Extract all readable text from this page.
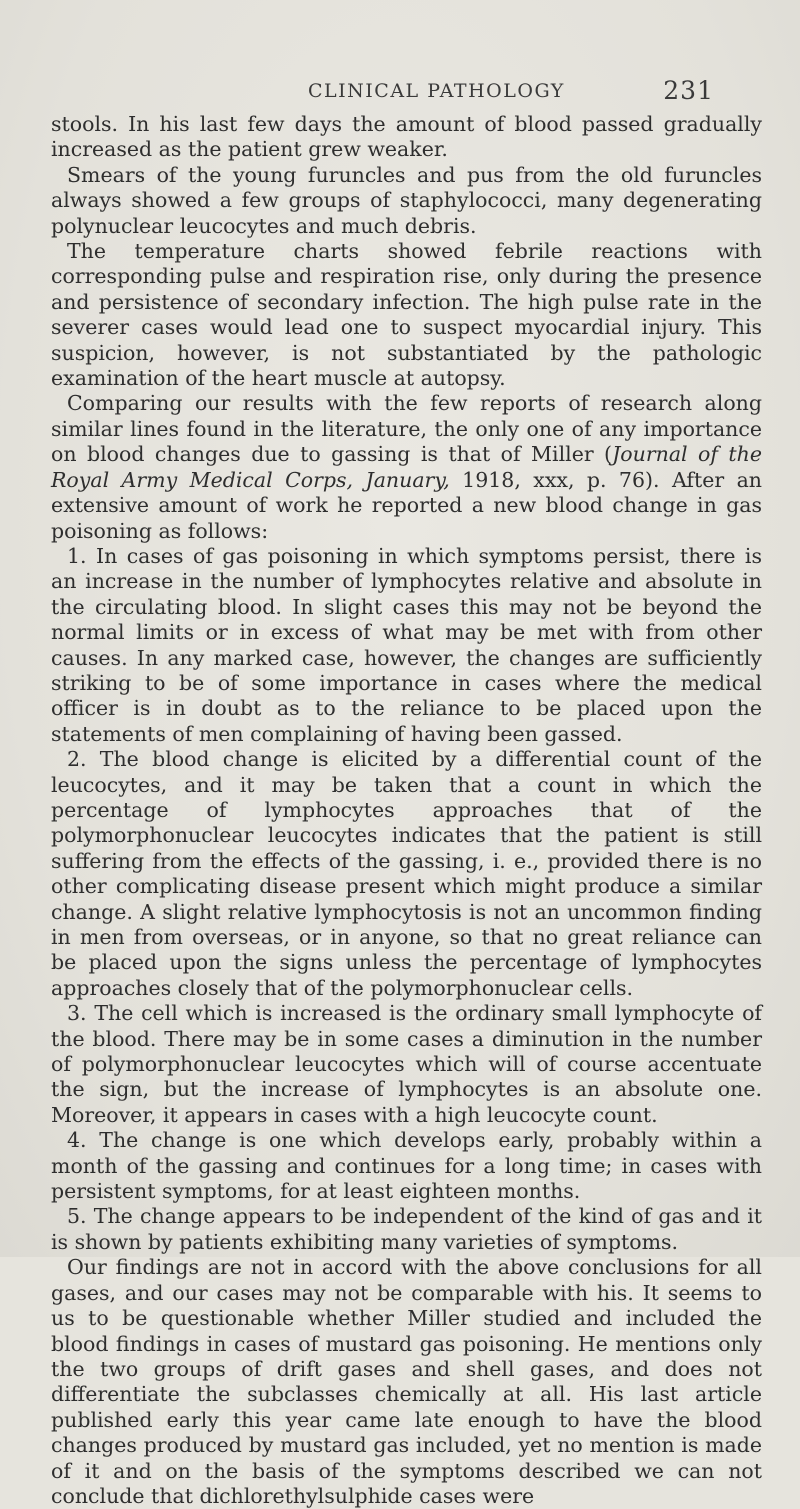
CLINICAL PATHOLOGY	231

stools. In his last few days the amount of blood passed gradually increased as the patient grew weaker.

Smears of the young furuncles and pus from the old furuncles always showed a few groups of staphylococci, many degenerating polynuclear leucocytes and much debris.

The temperature charts showed febrile reactions with corresponding pulse and respiration rise, only during the presence and persistence of secondary infection. The high pulse rate in the severer cases would lead one to suspect myocardial injury. This suspicion, however, is not substantiated by the pathologic examination of the heart muscle at autopsy.

Comparing our results with the few reports of research along similar lines found in the literature, the only one of any importance on blood changes due to gassing is that of Miller (Journal of the Royal Army Medical Corps, January, 1918, xxx, p. 76). After an extensive amount of work he reported a new blood change in gas poisoning as follows:

1. In cases of gas poisoning in which symptoms persist, there is an increase in the number of lymphocytes relative and absolute in the circulating blood. In slight cases this may not be beyond the normal limits or in excess of what may be met with from other causes. In any marked case, however, the changes are sufficiently striking to be of some importance in cases where the medical officer is in doubt as to the reliance to be placed upon the statements of men complaining of having been gassed.

2. The blood change is elicited by a differential count of the leucocytes, and it may be taken that a count in which the percentage of lymphocytes approaches that of the polymorphonuclear leucocytes indicates that the patient is still suffering from the effects of the gassing, i. e., provided there is no other complicating disease present which might produce a similar change. A slight relative lymphocytosis is not an uncommon finding in men from overseas, or in anyone, so that no great reliance can be placed upon the signs unless the percentage of lymphocytes approaches closely that of the polymorphonuclear cells.

3. The cell which is increased is the ordinary small lymphocyte of the blood. There may be in some cases a diminution in the number of polymorphonuclear leucocytes which will of course accentuate the sign, but the increase of lymphocytes is an absolute one. Moreover, it appears in cases with a high leucocyte count.

4. The change is one which develops early, probably within a month of the gassing and continues for a long time; in cases with persistent symptoms, for at least eighteen months.

5. The change appears to be independent of the kind of gas and it is shown by patients exhibiting many varieties of symptoms.

Our findings are not in accord with the above conclusions for all gases, and our cases may not be comparable with his. It seems to us to be questionable whether Miller studied and included the blood findings in cases of mustard gas poisoning. He mentions only the two groups of drift gases and shell gases, and does not differentiate the subclasses chemically at all. His last article published early this year came late enough to have the blood changes produced by mustard gas included, yet no mention is made of it and on the basis of the symptoms described we can not conclude that dichlorethylsulphide cases were
